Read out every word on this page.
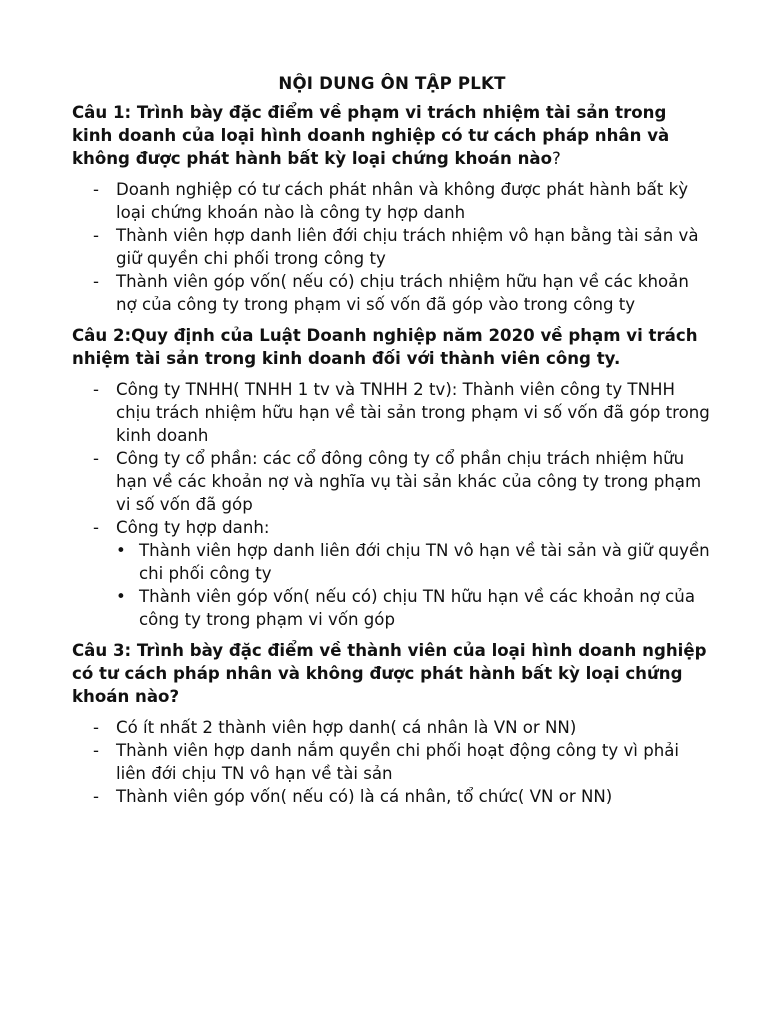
NỘI DUNG ÔN TẬP PLKT
Câu 1: Trình bày đặc điểm về phạm vi trách nhiệm tài sản trong kinh doanh của loại hình doanh nghiệp có tư cách pháp nhân và không được phát hành bất kỳ loại chứng khoán nào?
- Doanh nghiệp có tư cách phát nhân và không được phát hành bất kỳ loại chứng khoán nào là công ty hợp danh
- Thành viên hợp danh liên đới chịu trách nhiệm vô hạn bằng tài sản và giữ quyền chi phối trong công ty
- Thành viên góp vốn( nếu có) chịu trách nhiệm hữu hạn về các khoản nợ của công ty trong phạm vi số vốn đã góp vào trong công ty
Câu 2:Quy định của Luật Doanh nghiệp năm 2020 về phạm vi trách nhiệm tài sản trong kinh doanh đối với thành viên công ty.
- Công ty TNHH( TNHH 1 tv và TNHH 2 tv): Thành viên công ty TNHH chịu trách nhiệm hữu hạn về tài sản trong phạm vi số vốn đã góp trong kinh doanh
- Công ty cổ phần: các cổ đông công ty cổ phần chịu trách nhiệm hữu hạn về các khoản nợ và nghĩa vụ tài sản khác của công ty trong phạm vi số vốn đã góp
- Công ty hợp danh:
• Thành viên hợp danh liên đới chịu TN vô hạn về tài sản và giữ quyền chi phối công ty
• Thành viên góp vốn( nếu có) chịu TN hữu hạn về các khoản nợ của công ty trong phạm vi vốn góp
Câu 3: Trình bày đặc điểm về thành viên của loại hình doanh nghiệp có tư cách pháp nhân và không được phát hành bất kỳ loại chứng khoán nào?
- Có ít nhất 2 thành viên hợp danh( cá nhân là VN or NN)
- Thành viên hợp danh nắm quyền chi phối hoạt động công ty vì phải liên đới chịu TN vô hạn về tài sản
- Thành viên góp vốn( nếu có) là cá nhân, tổ chức( VN or NN)
